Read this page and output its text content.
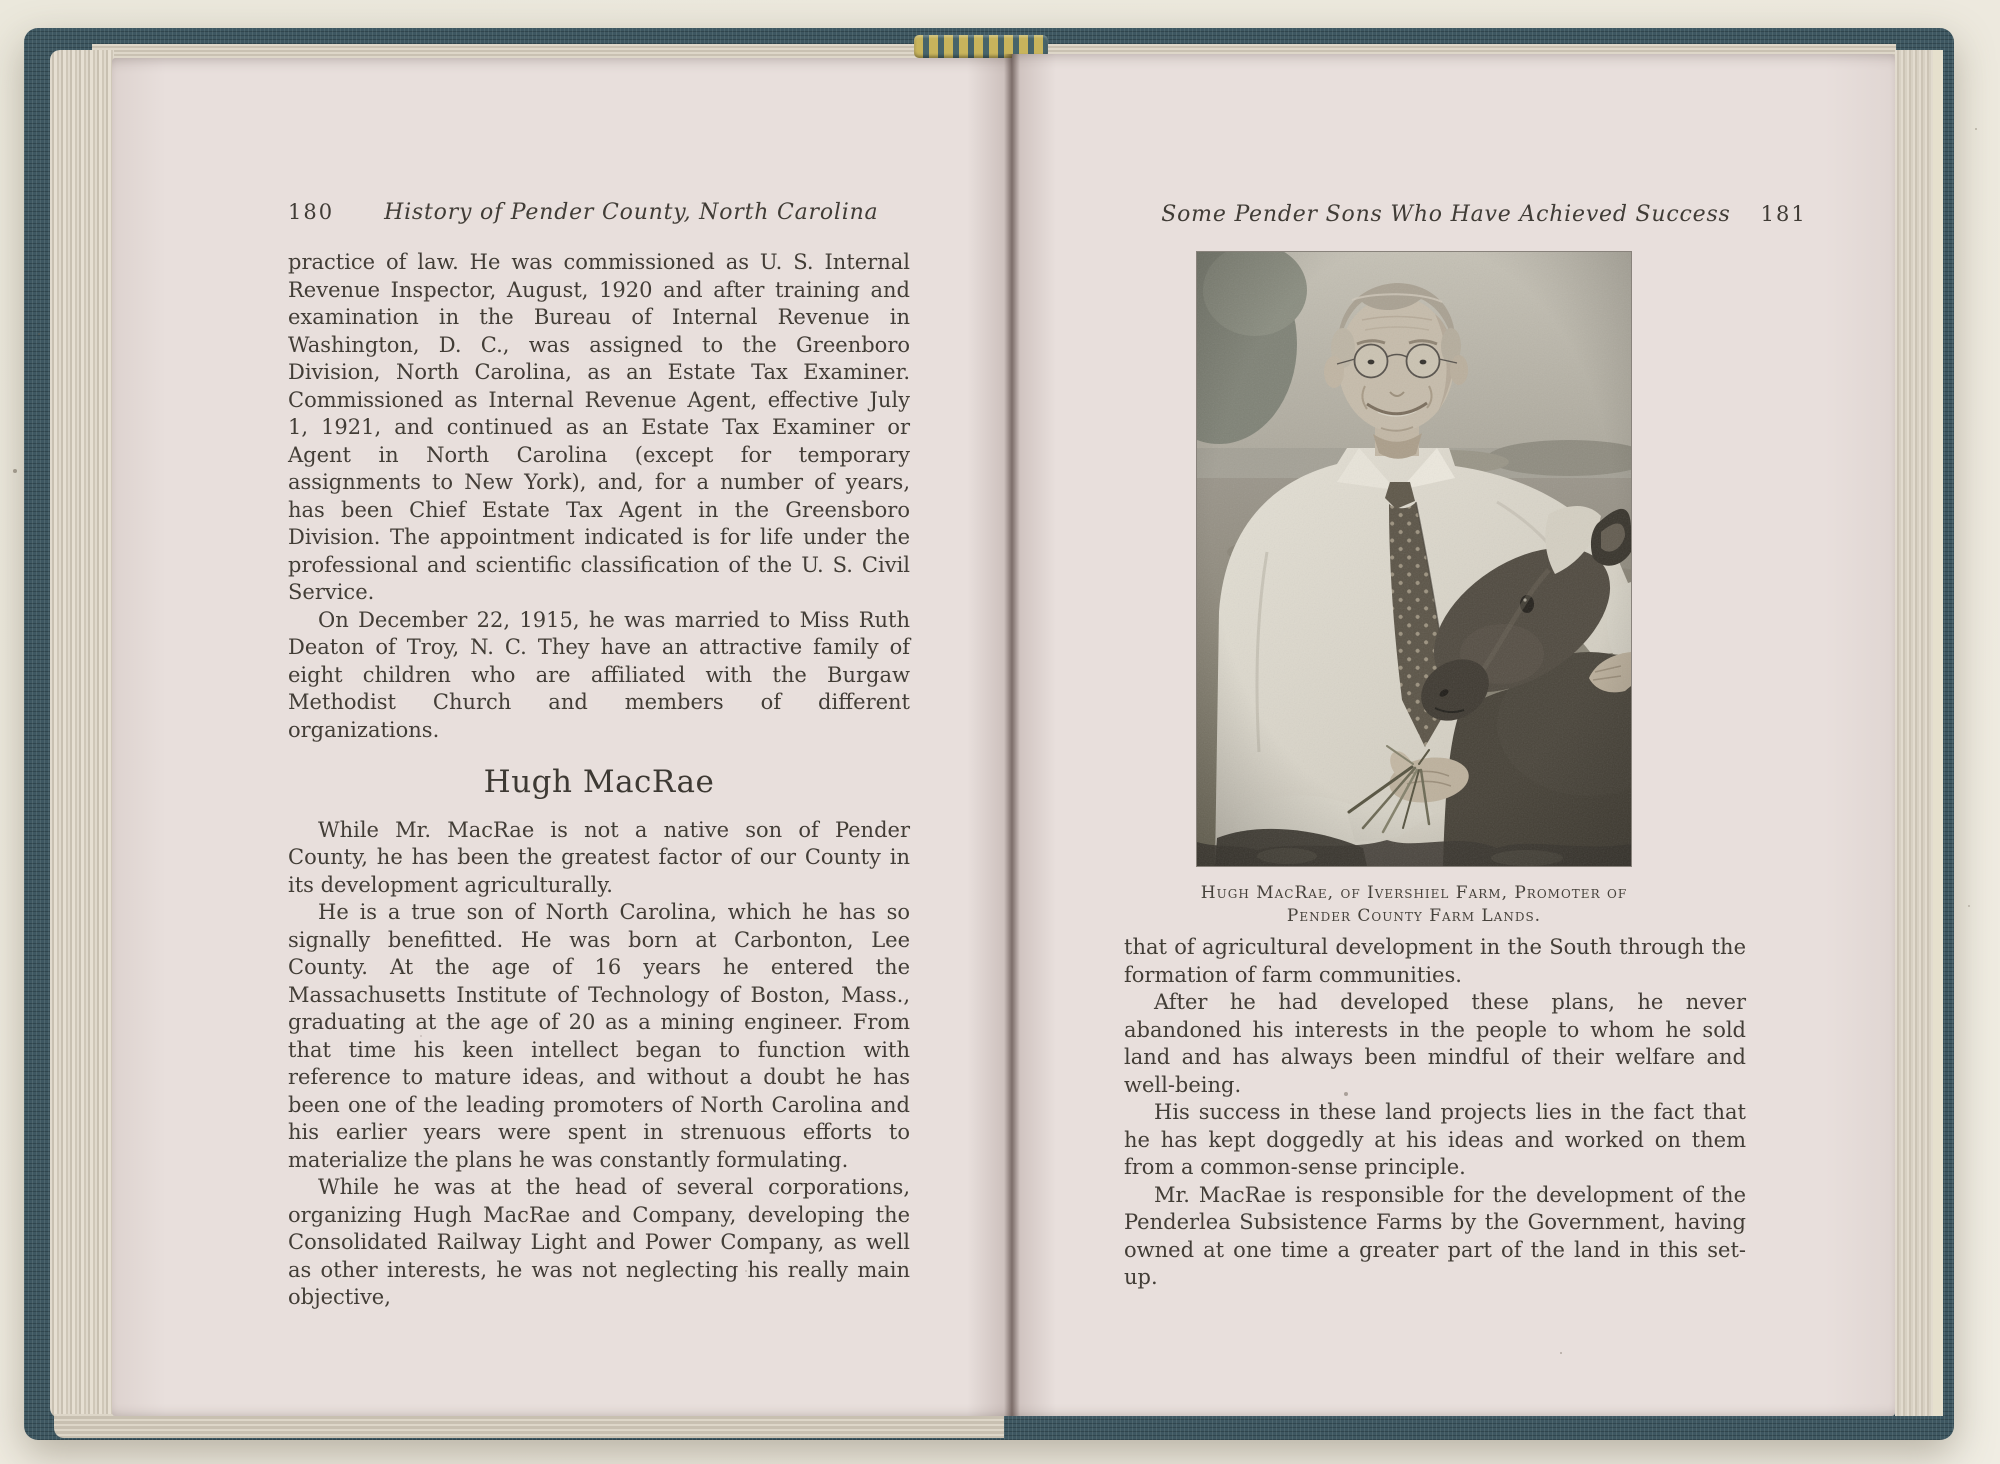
180 History of Pender County, North Carolina

practice of law. He was commissioned as U. S. Internal Revenue Inspector, August, 1920 and after training and examination in the Bureau of Internal Revenue in Washington, D. C., was assigned to the Greenboro Division, North Carolina, as an Estate Tax Examiner. Commissioned as Internal Revenue Agent, effective July 1, 1921, and continued as an Estate Tax Examiner or Agent in North Carolina (except for temporary assignments to New York), and, for a number of years, has been Chief Estate Tax Agent in the Greensboro Division. The appointment indicated is for life under the professional and scientific classification of the U. S. Civil Service.

On December 22, 1915, he was married to Miss Ruth Deaton of Troy, N. C. They have an attractive family of eight children who are affiliated with the Burgaw Methodist Church and members of different organizations.

Hugh MacRae

While Mr. MacRae is not a native son of Pender County, he has been the greatest factor of our County in its development agriculturally.

He is a true son of North Carolina, which he has so signally benefitted. He was born at Carbonton, Lee County. At the age of 16 years he entered the Massachusetts Institute of Technology of Boston, Mass., graduating at the age of 20 as a mining engineer. From that time his keen intellect began to function with reference to mature ideas, and without a doubt he has been one of the leading promoters of North Carolina and his earlier years were spent in strenuous efforts to materialize the plans he was constantly formulating.

While he was at the head of several corporations, organizing Hugh MacRae and Company, developing the Consolidated Railway Light and Power Company, as well as other interests, he was not neglecting his really main objective,

Some Pender Sons Who Have Achieved Success 181
Hugh MacRae, of Ivershiel Farm, Promoter of
Pender County Farm Lands.

that of agricultural development in the South through the formation of farm communities.

After he had developed these plans, he never abandoned his interests in the people to whom he sold land and has always been mindful of their welfare and well-being.

His success in these land projects lies in the fact that he has kept doggedly at his ideas and worked on them from a common-sense principle.

Mr. MacRae is responsible for the development of the Penderlea Subsistence Farms by the Government, having owned at one time a greater part of the land in this set-up.
